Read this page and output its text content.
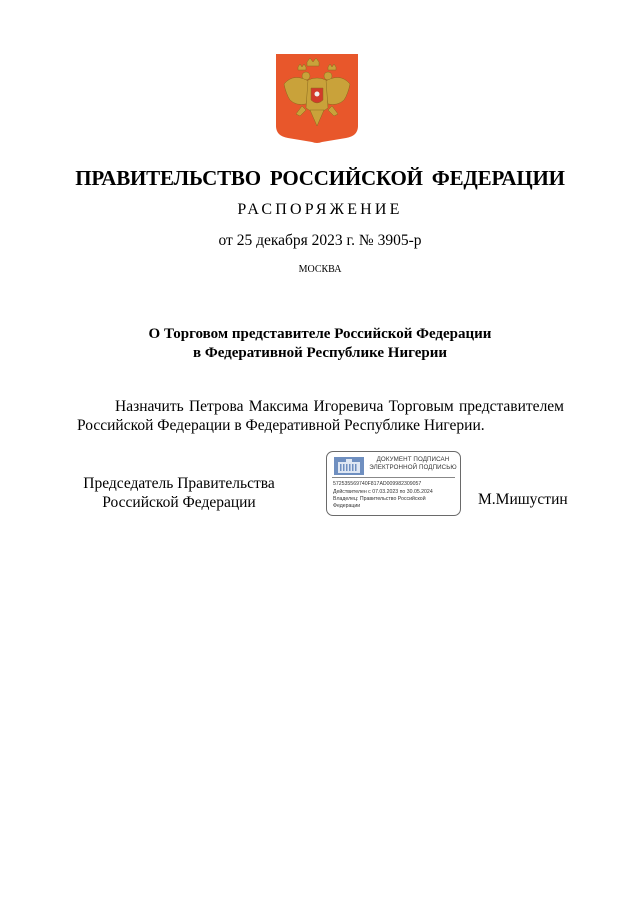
ПРАВИТЕЛЬСТВО РОССИЙСКОЙ ФЕДЕРАЦИИ
РАСПОРЯЖЕНИЕ
от 25 декабря 2023 г. № 3905-р
МОСКВА
О Торговом представителе Российской Федерации
в Федеративной Республике Нигерии
Назначить Петрова Максима Игоревича Торговым представителем Российской Федерации в Федеративной Республике Нигерии.
Председатель Правительства
Российской Федерации
ДОКУМЕНТ ПОДПИСАН
ЭЛЕКТРОННОЙ ПОДПИСЬЮ
572535569740F817AD009982309057
Действителен с 07.03.2023 по 30.05.2024
Владелец: Правительство Российской
Федерации	М.Мишустин
